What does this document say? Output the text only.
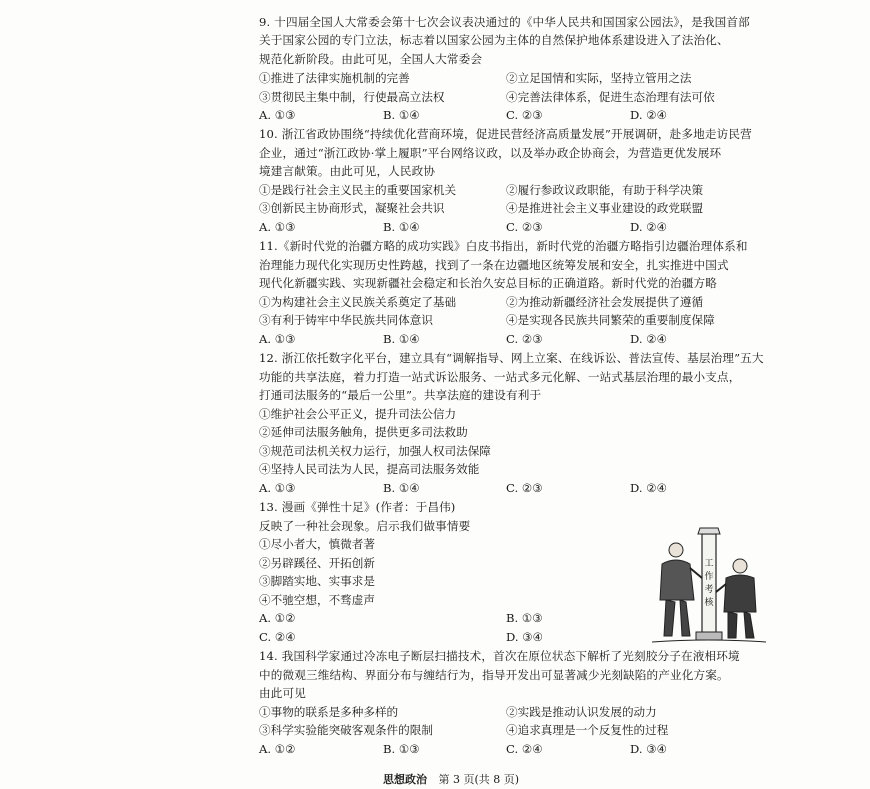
9. 十四届全国人大常委会第十七次会议表决通过的《中华人民共和国国家公园法》，是我国首部
关于国家公园的专门立法，标志着以国家公园为主体的自然保护地体系建设进入了法治化、
规范化新阶段。由此可见，全国人大常委会
①推进了法律实施机制的完善	②立足国情和实际，坚持立管用之法
③贯彻民主集中制，行使最高立法权	④完善法律体系，促进生态治理有法可依
A. ①③	B. ①④	C. ②③	D. ②④
10. 浙江省政协围绕“持续优化营商环境，促进民营经济高质量发展”开展调研，赴多地走访民营
企业，通过“浙江政协·掌上履职”平台网络议政，以及举办政企协商会，为营造更优发展环
境建言献策。由此可见，人民政协
①是践行社会主义民主的重要国家机关	②履行参政议政职能，有助于科学决策
③创新民主协商形式，凝聚社会共识	④是推进社会主义事业建设的政党联盟
A. ①③	B. ①④	C. ②③	D. ②④
11.《新时代党的治疆方略的成功实践》白皮书指出，新时代党的治疆方略指引边疆治理体系和
治理能力现代化实现历史性跨越，找到了一条在边疆地区统筹发展和安全，扎实推进中国式
现代化新疆实践、实现新疆社会稳定和长治久安总目标的正确道路。新时代党的治疆方略
①为构建社会主义民族关系奠定了基础	②为推动新疆经济社会发展提供了遵循
③有利于铸牢中华民族共同体意识	④是实现各民族共同繁荣的重要制度保障
A. ①③	B. ①④	C. ②③	D. ②④
12. 浙江依托数字化平台，建立具有“调解指导、网上立案、在线诉讼、普法宣传、基层治理”五大
功能的共享法庭，着力打造一站式诉讼服务、一站式多元化解、一站式基层治理的最小支点，
打通司法服务的“最后一公里”。共享法庭的建设有利于
①维护社会公平正义，提升司法公信力
②延伸司法服务触角，提供更多司法救助
③规范司法机关权力运行，加强人权司法保障
④坚持人民司法为人民，提高司法服务效能
A. ①③	B. ①④	C. ②③	D. ②④
13. 漫画《弹性十足》(作者：于昌伟)
反映了一种社会现象。启示我们做事情要
①尽小者大，慎微者著
②另辟蹊径、开拓创新
③脚踏实地、实事求是
④不驰空想，不骛虚声
A. ①②	B. ①③
C. ②④	D. ③④
工作考核
14. 我国科学家通过冷冻电子断层扫描技术，首次在原位状态下解析了光刻胶分子在液相环境
中的微观三维结构、界面分布与缠结行为，指导开发出可显著减少光刻缺陷的产业化方案。
由此可见
①事物的联系是多种多样的	②实践是推动认识发展的动力
③科学实验能突破客观条件的限制	④追求真理是一个反复性的过程
A. ①②	B. ①③	C. ②④	D. ③④
思想政治 第 3 页(共 8 页)
